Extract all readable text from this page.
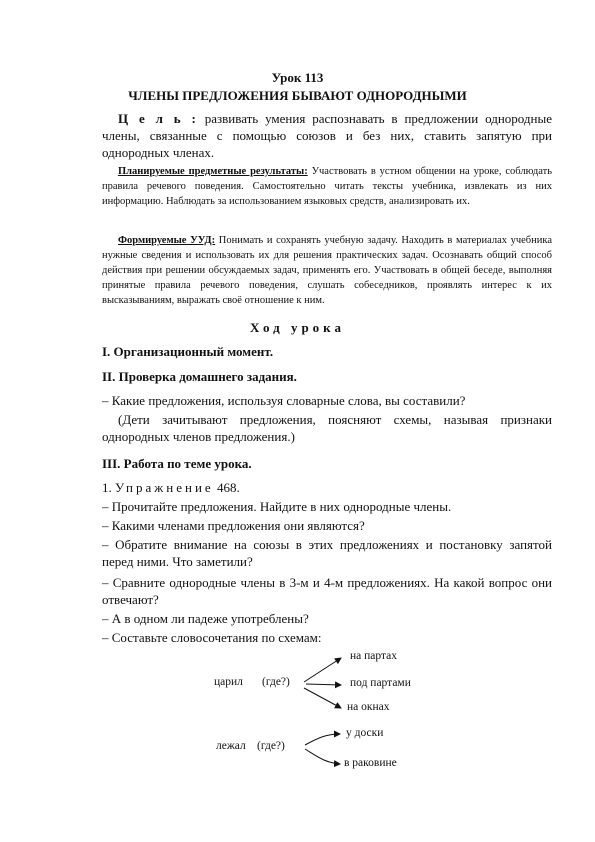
Урок 113
ЧЛЕНЫ ПРЕДЛОЖЕНИЯ БЫВАЮТ ОДНОРОДНЫМИ
Ц е л ь : развивать умения распознавать в предложении однородные члены, связанные с помощью союзов и без них, ставить запятую при однородных членах.
Планируемые предметные результаты: Участвовать в устном общении на уроке, соблюдать правила речевого поведения. Самостоятельно читать тексты учебника, извлекать из них информацию. Наблюдать за использованием языковых средств, анализировать их.
Формируемые УУД: Понимать и сохранять учебную задачу. Находить в материалах учебника нужные сведения и использовать их для решения практических задач. Осознавать общий способ действия при решении обсуждаемых задач, применять его. Участвовать в общей беседе, выполняя принятые правила речевого поведения, слушать собеседников, проявлять интерес к их высказываниям, выражать своё отношение к ним.
Ход урока
I. Организационный момент.
II. Проверка домашнего задания.
– Какие предложения, используя словарные слова, вы составили?
(Дети зачитывают предложения, поясняют схемы, называя признаки однородных членов предложения.)
III. Работа по теме урока.
1. Упражнение 468.
– Прочитайте предложения. Найдите в них однородные члены.
– Какими членами предложения они являются?
– Обратите внимание на союзы в этих предложениях и постановку запятой перед ними. Что заметили?
– Сравните однородные члены в 3-м и 4-м предложениях. На какой вопрос они отвечают?
– А в одном ли падеже употреблены?
– Составьте словосочетания по схемам:
царил (где?)
на партах
под партами
на окнах
лежал (где?)
у доски
в раковине
